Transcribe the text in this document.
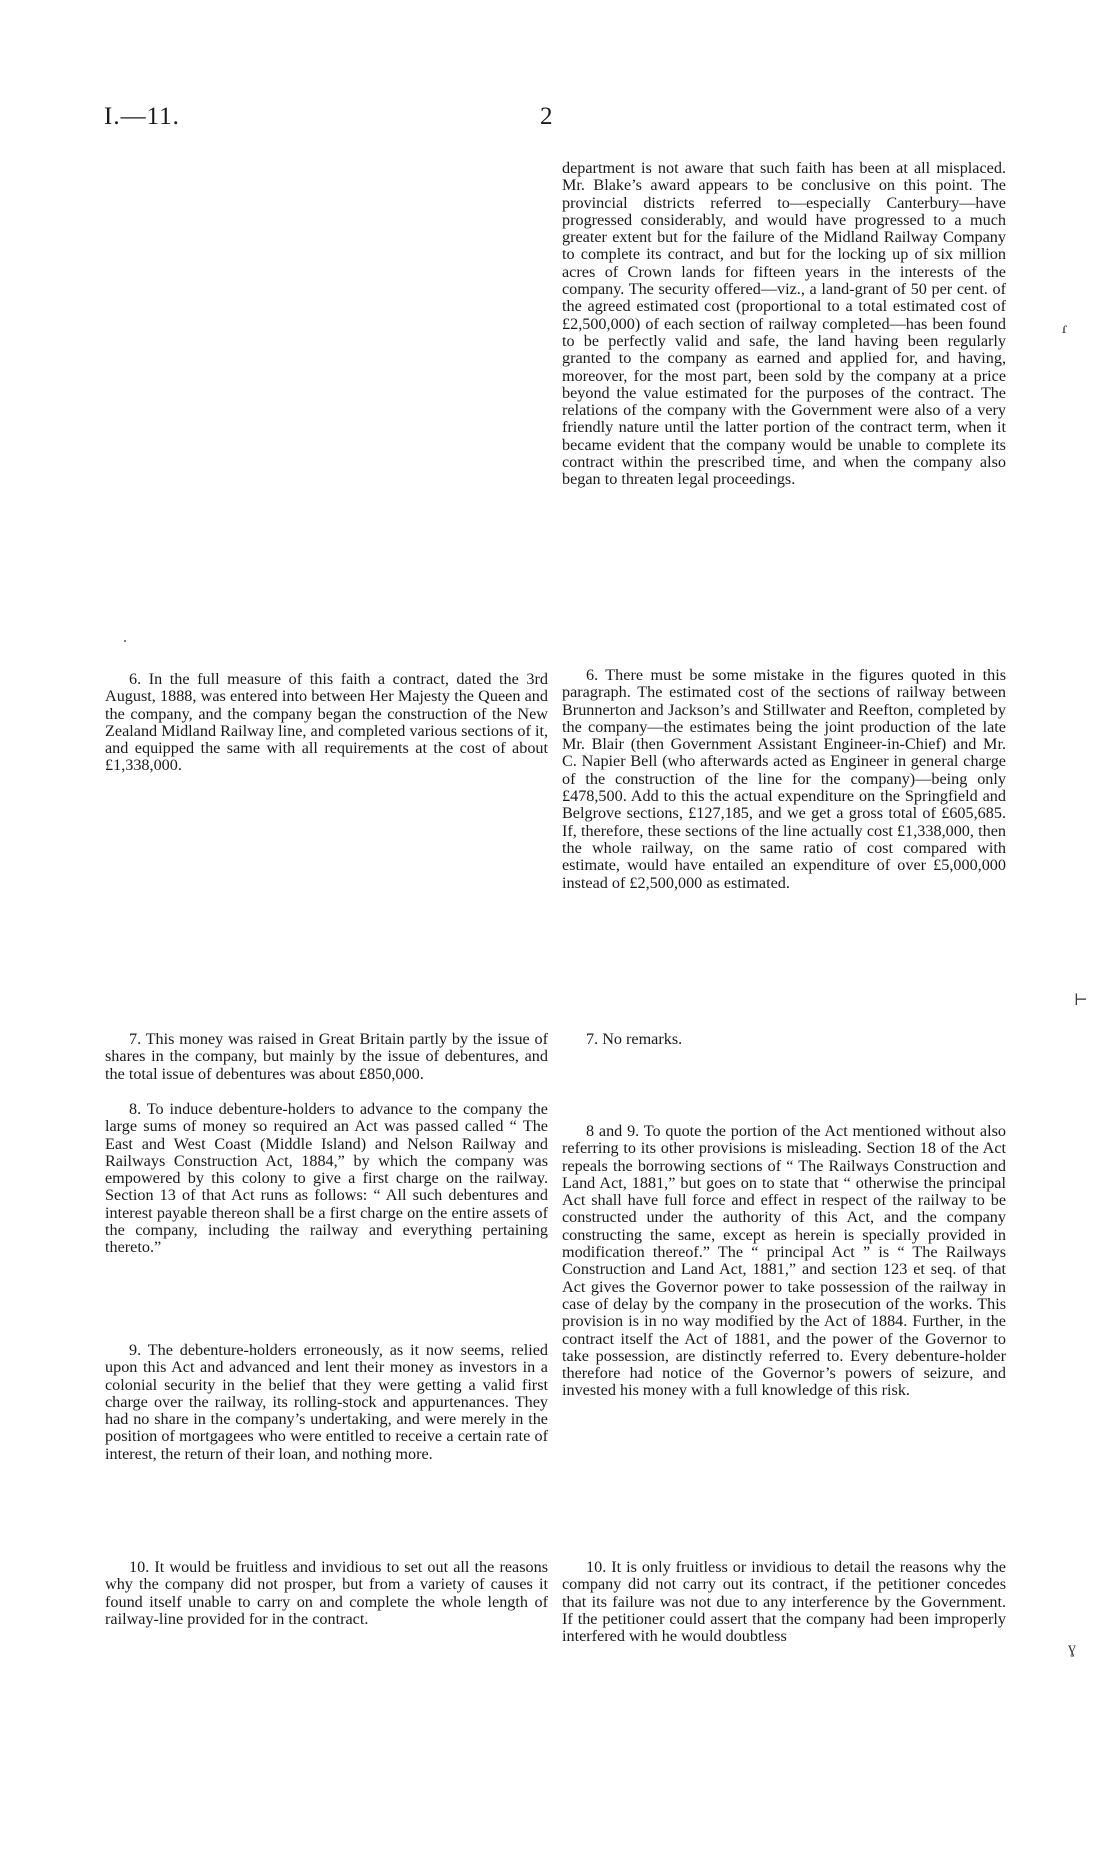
I.—11.	2

6. In the full measure of this faith a contract, dated the 3rd August, 1888, was entered into between Her Majesty the Queen and the company, and the company began the construction of the New Zealand Midland Railway line, and completed various sections of it, and equipped the same with all requirements at the cost of about £1,338,000.

7. This money was raised in Great Britain partly by the issue of shares in the company, but mainly by the issue of debentures, and the total issue of debentures was about £850,000.

8. To induce debenture-holders to advance to the company the large sums of money so required an Act was passed called “ The East and West Coast (Middle Island) and Nelson Railway and Railways Construction Act, 1884,” by which the company was empowered by this colony to give a first charge on the railway. Section 13 of that Act runs as follows: “ All such debentures and interest payable thereon shall be a first charge on the entire assets of the company, including the railway and everything pertaining thereto.”

9. The debenture-holders erroneously, as it now seems, relied upon this Act and advanced and lent their money as investors in a colonial security in the belief that they were getting a valid first charge over the railway, its rolling-stock and appurtenances. They had no share in the company’s undertaking, and were merely in the position of mortgagees who were entitled to receive a certain rate of interest, the return of their loan, and nothing more.

10. It would be fruitless and invidious to set out all the reasons why the company did not prosper, but from a variety of causes it found itself unable to carry on and complete the whole length of railway-line provided for in the contract.

department is not aware that such faith has been at all misplaced. Mr. Blake’s award appears to be conclusive on this point. The provincial districts referred to—especially Canterbury—have progressed considerably, and would have progressed to a much greater extent but for the failure of the Midland Railway Company to complete its contract, and but for the locking up of six million acres of Crown lands for fifteen years in the interests of the company. The security offered—viz., a land-grant of 50 per cent. of the agreed estimated cost (proportional to a total estimated cost of £2,500,000) of each section of railway completed—has been found to be perfectly valid and safe, the land having been regularly granted to the company as earned and applied for, and having, moreover, for the most part, been sold by the company at a price beyond the value estimated for the purposes of the contract. The relations of the company with the Government were also of a very friendly nature until the latter portion of the contract term, when it became evident that the company would be unable to complete its contract within the prescribed time, and when the company also began to threaten legal proceedings.

6. There must be some mistake in the figures quoted in this paragraph. The estimated cost of the sections of railway between Brunnerton and Jackson’s and Stillwater and Reefton, completed by the company—the estimates being the joint production of the late Mr. Blair (then Government Assistant Engineer-in-Chief) and Mr. C. Napier Bell (who afterwards acted as Engineer in general charge of the construction of the line for the company)—being only £478,500. Add to this the actual expenditure on the Springfield and Belgrove sections, £127,185, and we get a gross total of £605,685. If, therefore, these sections of the line actually cost £1,338,000, then the whole railway, on the same ratio of cost compared with estimate, would have entailed an expenditure of over £5,000,000 instead of £2,500,000 as estimated.

7. No remarks.

8 and 9. To quote the portion of the Act mentioned without also referring to its other provisions is misleading. Section 18 of the Act repeals the borrowing sections of “ The Railways Construction and Land Act, 1881,” but goes on to state that “ otherwise the principal Act shall have full force and effect in respect of the railway to be constructed under the authority of this Act, and the company constructing the same, except as herein is specially provided in modification thereof.” The “ principal Act ” is “ The Railways Construction and Land Act, 1881,” and section 123 et seq. of that Act gives the Governor power to take possession of the railway in case of delay by the company in the prosecution of the works. This provision is in no way modified by the Act of 1884. Further, in the contract itself the Act of 1881, and the power of the Governor to take possession, are distinctly referred to. Every debenture-holder therefore had notice of the Governor’s powers of seizure, and invested his money with a full knowledge of this risk.

10. It is only fruitless or invidious to detail the reasons why the company did not carry out its contract, if the petitioner concedes that its failure was not due to any interference by the Government. If the petitioner could assert that the company had been improperly interfered with he would doubtless

ɾ
⊢
ɣ
